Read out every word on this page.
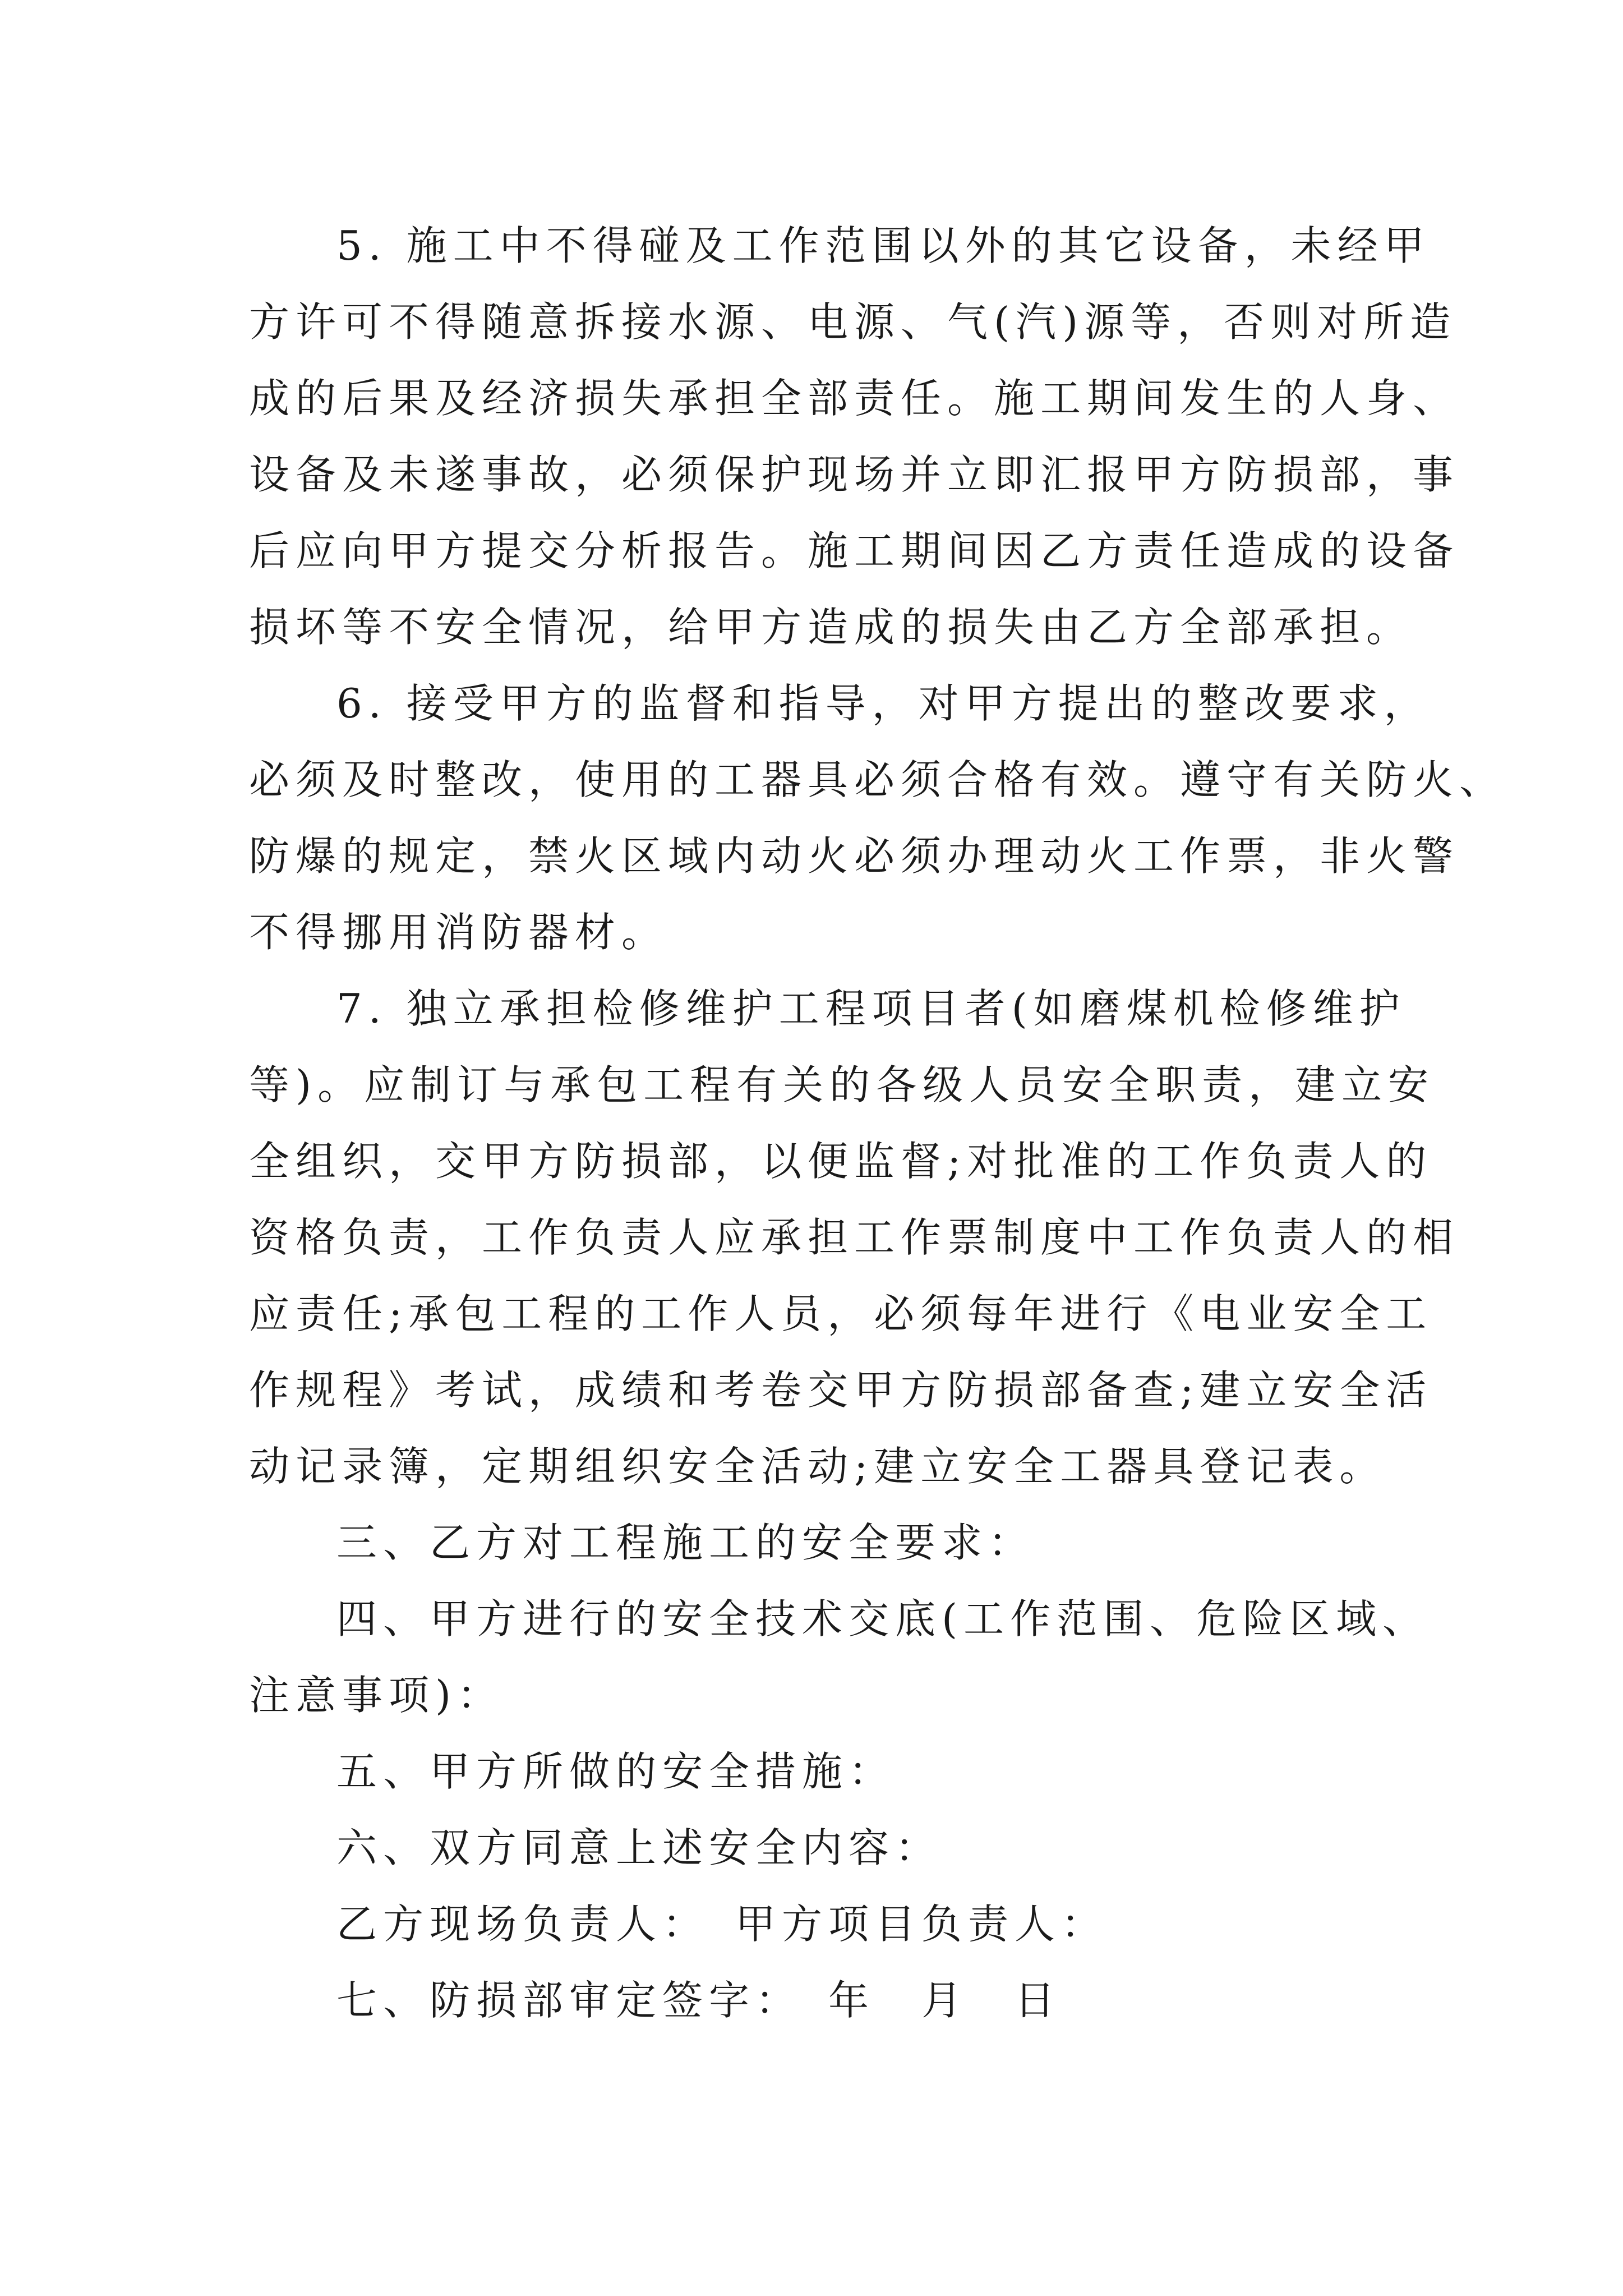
5. 施工中不得碰及工作范围以外的其它设备，未经甲
方许可不得随意拆接水源、电源、气(汽)源等，否则对所造
成的后果及经济损失承担全部责任。施工期间发生的人身、
设备及未遂事故，必须保护现场并立即汇报甲方防损部，事
后应向甲方提交分析报告。施工期间因乙方责任造成的设备
损坏等不安全情况，给甲方造成的损失由乙方全部承担。
6. 接受甲方的监督和指导，对甲方提出的整改要求，
必须及时整改，使用的工器具必须合格有效。遵守有关防火、
防爆的规定，禁火区域内动火必须办理动火工作票，非火警
不得挪用消防器材。
7. 独立承担检修维护工程项目者(如磨煤机检修维护
等)。应制订与承包工程有关的各级人员安全职责，建立安
全组织，交甲方防损部，以便监督;对批准的工作负责人的
资格负责，工作负责人应承担工作票制度中工作负责人的相
应责任;承包工程的工作人员，必须每年进行《电业安全工
作规程》考试，成绩和考卷交甲方防损部备查;建立安全活
动记录簿，定期组织安全活动;建立安全工器具登记表。
三、乙方对工程施工的安全要求：
四、甲方进行的安全技术交底(工作范围、危险区域、
注意事项)：
五、甲方所做的安全措施：
六、双方同意上述安全内容：
乙方现场负责人：　甲方项目负责人：
七、防损部审定签字：　年　月　日
